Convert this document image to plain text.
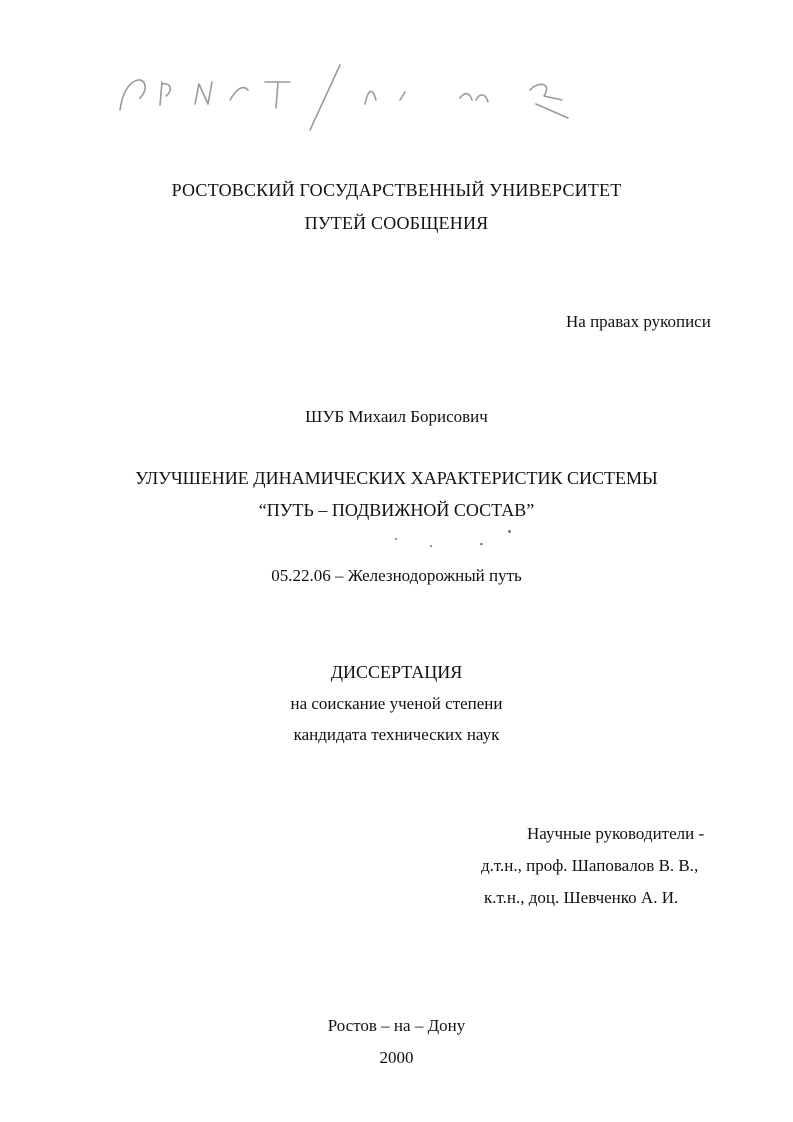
РОСТОВСКИЙ ГОСУДАРСТВЕННЫЙ УНИВЕРСИТЕТ
ПУТЕЙ СООБЩЕНИЯ
На правах рукописи
ШУБ Михаил Борисович
УЛУЧШЕНИЕ ДИНАМИЧЕСКИХ ХАРАКТЕРИСТИК СИСТЕМЫ
“ПУТЬ – ПОДВИЖНОЙ СОСТАВ”
05.22.06 – Железнодорожный путь
ДИССЕРТАЦИЯ
на соискание ученой степени
кандидата технических наук
Научные руководители -
д.т.н., проф. Шаповалов В. В.,
к.т.н., доц. Шевченко А. И.
Ростов – на – Дону
2000
